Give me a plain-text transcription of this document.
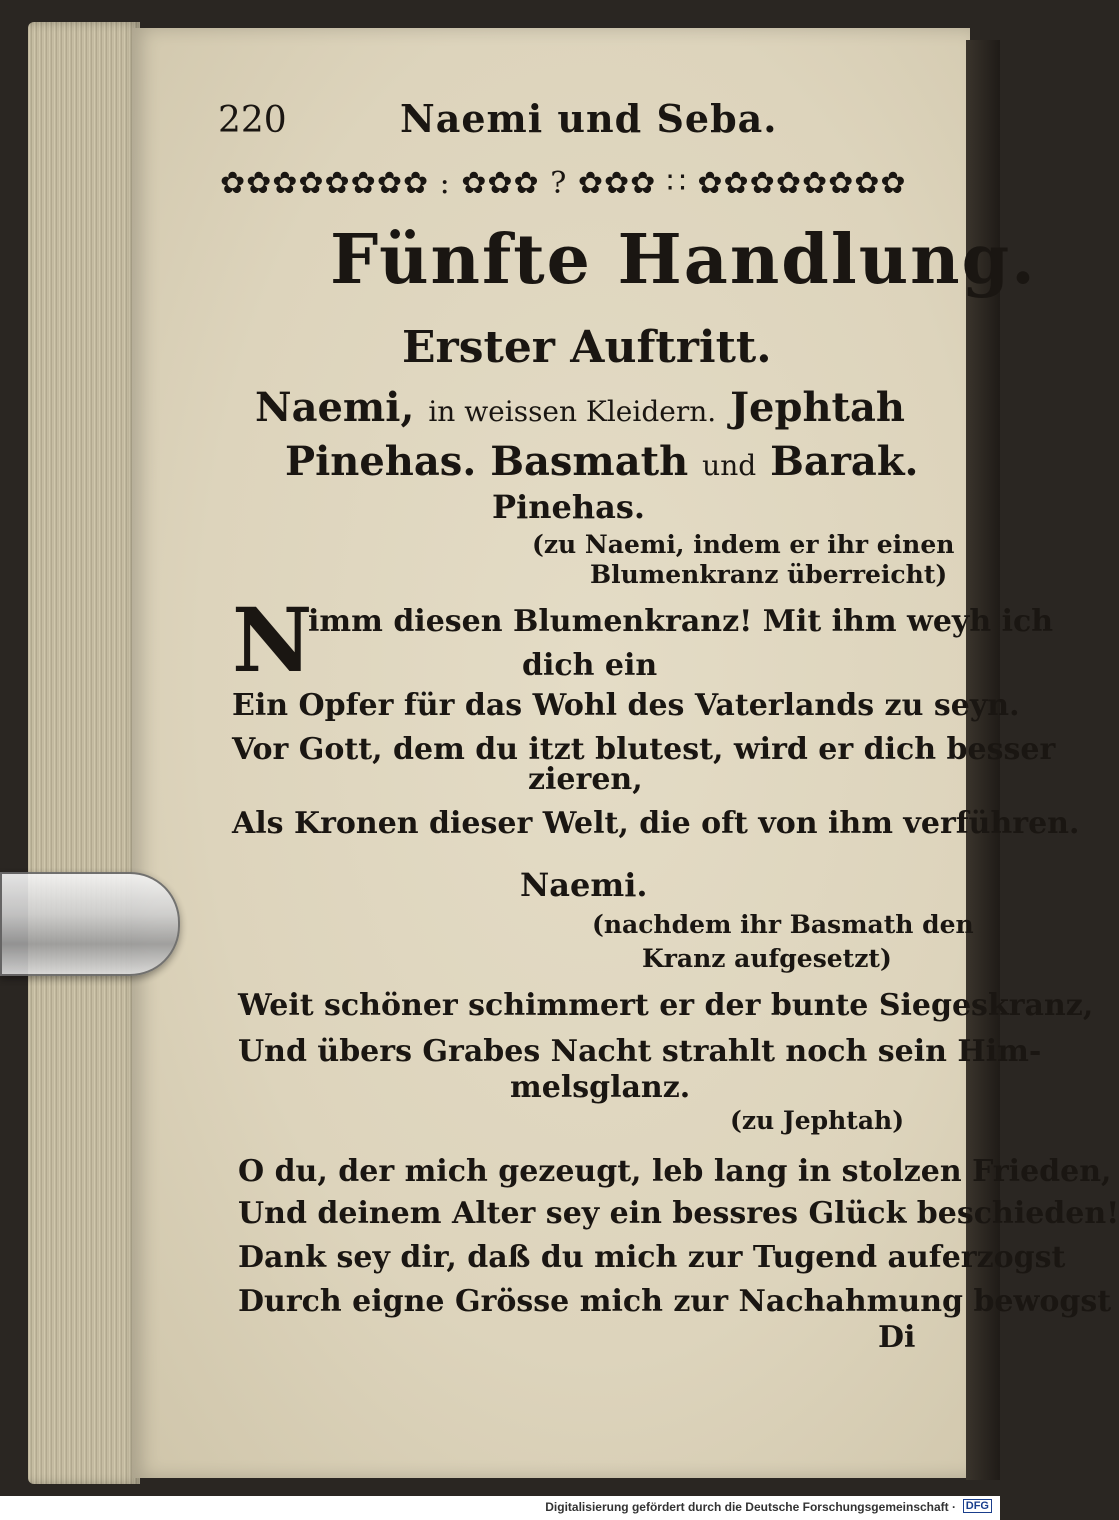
220	Naemi und Seba.
✿✿✿✿✿✿✿✿ : ✿✿✿ ? ✿✿✿ ∷ ✿✿✿✿✿✿✿✿
Fünfte Handlung.
Erster Auftritt.
Naemi, in weissen Kleidern. Jephtah
Pinehas. Basmath und Barak.
Pinehas.
(zu Naemi, indem er ihr einen
Blumenkranz überreicht)
N
imm diesen Blumenkranz! Mit ihm weyh ich
dich ein
Ein Opfer für das Wohl des Vaterlands zu seyn.
Vor Gott, dem du itzt blutest, wird er dich besser
zieren,
Als Kronen dieser Welt, die oft von ihm verführen.
Naemi.
(nachdem ihr Basmath den
Kranz aufgesetzt)
Weit schöner schimmert er der bunte Siegeskranz,
Und übers Grabes Nacht strahlt noch sein Him-
melsglanz.
(zu Jephtah)
O du, der mich gezeugt, leb lang in stolzen Frieden,
Und deinem Alter sey ein bessres Glück beschieden!
Dank sey dir, daß du mich zur Tugend auferzogst
Durch eigne Grösse mich zur Nachahmung bewogst
Di
Digitalisierung gefördert durch die Deutsche Forschungsgemeinschaft · DFG
